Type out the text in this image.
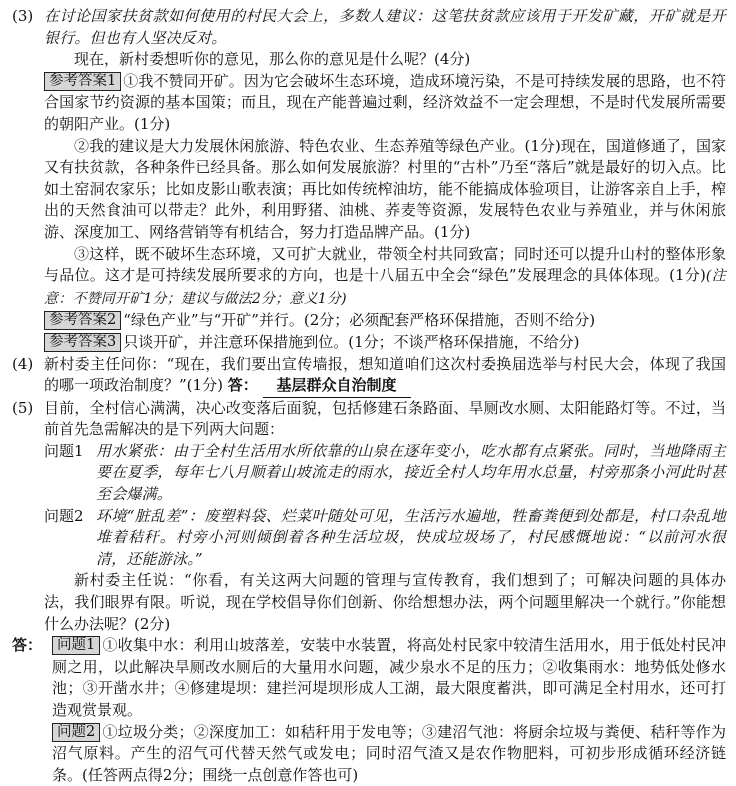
(3) 在讨论国家扶贫款如何使用的村民大会上，多数人建议：这笔扶贫款应该用于开发矿藏，开矿就是开银行。但也有人坚决反对。
现在，新村委想听你的意见，那么你的意见是什么呢？(4分)
参考答案1 ①我不赞同开矿。因为它会破坏生态环境，造成环境污染，不是可持续发展的思路，也不符合国家节约资源的基本国策；而且，现在产能普遍过剩，经济效益不一定会理想，不是时代发展所需要的朝阳产业。(1分)
②我的建议是大力发展休闲旅游、特色农业、生态养殖等绿色产业。(1分)现在，国道修通了，国家又有扶贫款，各种条件已经具备。那么如何发展旅游？村里的“古朴”乃至“落后”就是最好的切入点。比如土窑洞农家乐；比如皮影山歌表演；再比如传统榨油坊，能不能搞成体验项目，让游客亲自上手，榨出的天然食油可以带走？此外，利用野猪、油桃、荞麦等资源，发展特色农业与养殖业，并与休闲旅游、深度加工、网络营销等有机结合，努力打造品牌产品。(1分)
③这样，既不破坏生态环境，又可扩大就业，带领全村共同致富；同时还可以提升山村的整体形象与品位。这才是可持续发展所要求的方向，也是十八届五中全会“绿色”发展理念的具体体现。(1分)(注意：不赞同开矿1分；建议与做法2分；意义1分)
参考答案2 “绿色产业”与“开矿”并行。(2分；必须配套严格环保措施，否则不给分)
参考答案3 只谈开矿，并注意环保措施到位。(1分；不谈严格环保措施，不给分)
(4) 新村委主任问你：“现在，我们要出宣传墙报，想知道咱们这次村委换届选举与村民大会，体现了我国的哪一项政治制度？”(1分) 答： 基层群众自治制度
(5) 目前，全村信心满满，决心改变落后面貌，包括修建石条路面、旱厕改水厕、太阳能路灯等。不过，当前首先急需解决的是下列两大问题：
问题1 用水紧张：由于全村生活用水所依靠的山泉在逐年变小，吃水都有点紧张。同时，当地降雨主要在夏季，每年七八月顺着山坡流走的雨水，接近全村人均年用水总量，村旁那条小河此时甚至会爆满。
问题2 环境“脏乱差”：废塑料袋、烂菜叶随处可见，生活污水遍地，牲畜粪便到处都是，村口杂乱地堆着秸秆。村旁小河则倾倒着各种生活垃圾，快成垃圾场了，村民感慨地说：“以前河水很清，还能游泳。”
新村委主任说：“你看，有关这两大问题的管理与宣传教育，我们想到了；可解决问题的具体办法，我们眼界有限。听说，现在学校倡导你们创新、你给想想办法，两个问题里解决一个就行。”你能想什么办法呢？(2分)
答：	问题1 ①收集中水：利用山坡落差，安装中水装置，将高处村民家中较清生活用水，用于低处村民冲厕之用，以此解决旱厕改水厕后的大量用水问题，减少泉水不足的压力；②收集雨水：地势低处修水池；③开凿水井；④修建堤坝：建拦河堤坝形成人工湖，最大限度蓄洪，即可满足全村用水，还可打造观赏景观。
问题2 ①垃圾分类；②深度加工：如秸秆用于发电等；③建沼气池：将厨余垃圾与粪便、秸秆等作为沼气原料。产生的沼气可代替天然气或发电；同时沼气渣又是农作物肥料，可初步形成循环经济链条。(任答两点得2分；围绕一点创意作答也可)
